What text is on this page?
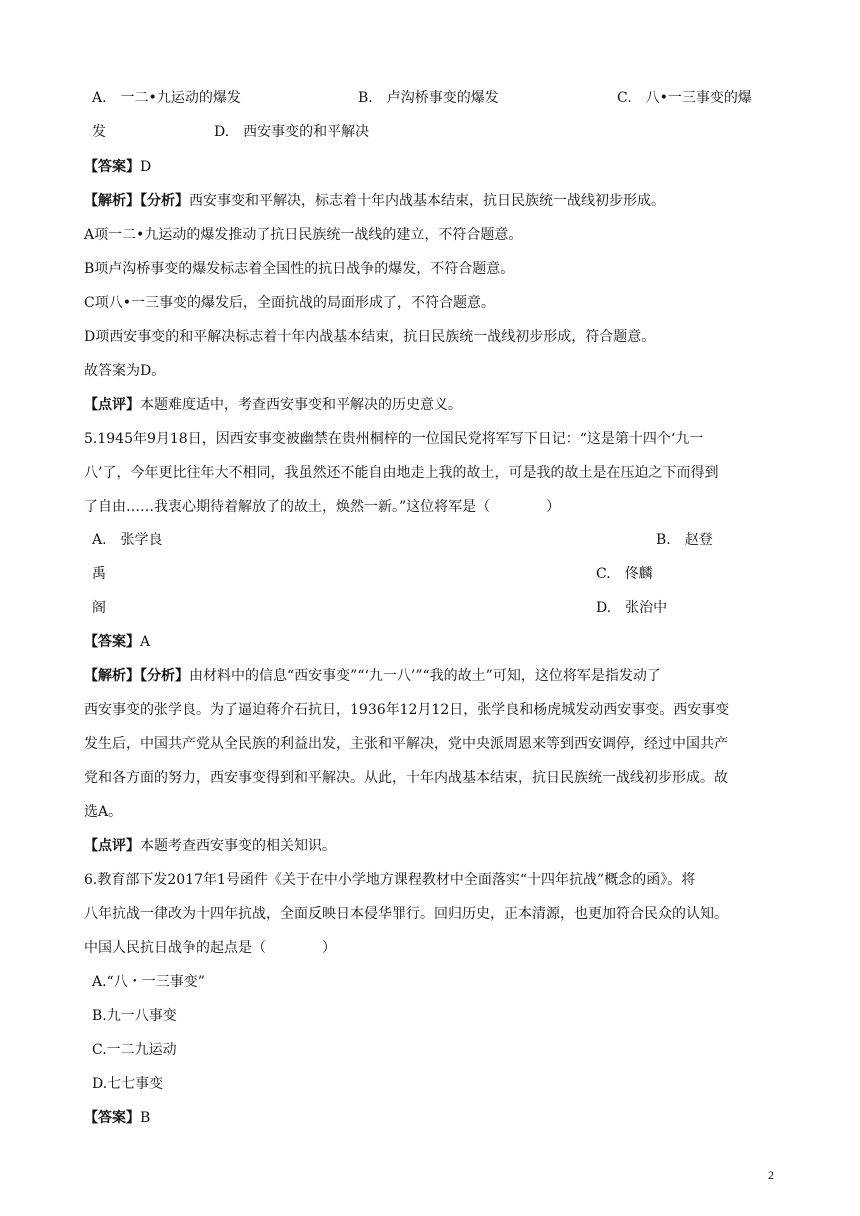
A.　一二•九运动的爆发	B.　卢沟桥事变的爆发	C.　八•一三事变的爆
发	D.　西安事变的和平解决
【答案】D
【解析】【分析】西安事变和平解决，标志着十年内战基本结束，抗日民族统一战线初步形成。
A项一二•九运动的爆发推动了抗日民族统一战线的建立，不符合题意。
B项卢沟桥事变的爆发标志着全国性的抗日战争的爆发，不符合题意。
C项八•一三事变的爆发后，全面抗战的局面形成了，不符合题意。
D项西安事变的和平解决标志着十年内战基本结束，抗日民族统一战线初步形成，符合题意。
故答案为D。
【点评】本题难度适中，考查西安事变和平解决的历史意义。
5.1945年9月18日，因西安事变被幽禁在贵州桐梓的一位国民党将军写下日记：“这是第十四个‘九一
八’了，今年更比往年大不相同，我虽然还不能自由地走上我的故土，可是我的故土是在压迫之下而得到
了自由……我衷心期待着解放了的故土，焕然一新。”这位将军是（　　　　）
A.　张学良	B.　赵登
禹	C.　佟麟
阁	D.　张治中
【答案】A
【解析】【分析】由材料中的信息“西安事变”“‘九一八’”“我的故土”可知，这位将军是指发动了
西安事变的张学良。为了逼迫蒋介石抗日，1936年12月12日，张学良和杨虎城发动西安事变。西安事变
发生后，中国共产党从全民族的利益出发，主张和平解决，党中央派周恩来等到西安调停，经过中国共产
党和各方面的努力，西安事变得到和平解决。从此，十年内战基本结束，抗日民族统一战线初步形成。故
选A。
【点评】本题考查西安事变的相关知识。
6.教育部下发2017年1号函件《关于在中小学地方课程教材中全面落实“十四年抗战”概念的函》。将
八年抗战一律改为十四年抗战，全面反映日本侵华罪行。回归历史，正本清源，也更加符合民众的认知。
中国人民抗日战争的起点是（　　　　）
A.“八・一三事变”
B.九一八事变
C.一二九运动
D.七七事变
【答案】B
2
